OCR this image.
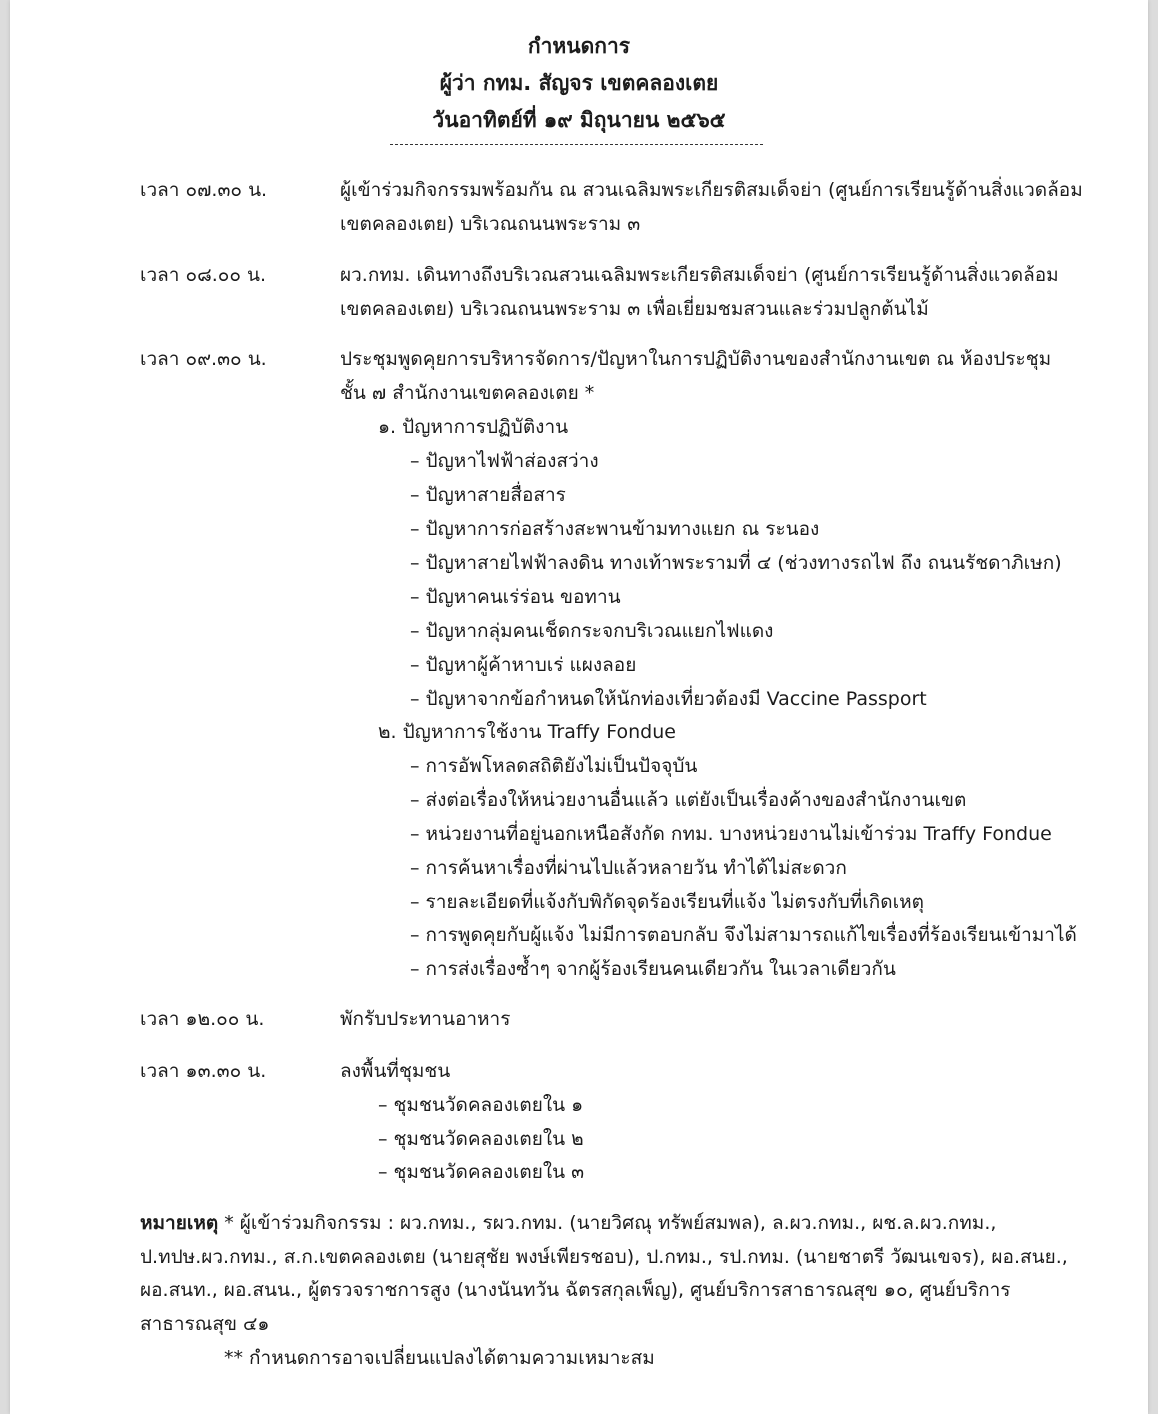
กำหนดการ
ผู้ว่า กทม. สัญจร เขตคลองเตย
วันอาทิตย์ที่ ๑๙ มิถุนายน ๒๕๖๕
เวลา ๐๗.๓๐ น.	ผู้เข้าร่วมกิจกรรมพร้อมกัน ณ สวนเฉลิมพระเกียรติสมเด็จย่า (ศูนย์การเรียนรู้ด้านสิ่งแวดล้อม
เขตคลองเตย) บริเวณถนนพระราม ๓
เวลา ๐๘.๐๐ น.	ผว.กทม. เดินทางถึงบริเวณสวนเฉลิมพระเกียรติสมเด็จย่า (ศูนย์การเรียนรู้ด้านสิ่งแวดล้อม
เขตคลองเตย) บริเวณถนนพระราม ๓ เพื่อเยี่ยมชมสวนและร่วมปลูกต้นไม้
เวลา ๐๙.๓๐ น.	ประชุมพูดคุยการบริหารจัดการ/ปัญหาในการปฏิบัติงานของสำนักงานเขต ณ ห้องประชุม
ชั้น ๗ สำนักงานเขตคลองเตย *
๑. ปัญหาการปฏิบัติงาน
– ปัญหาไฟฟ้าส่องสว่าง
– ปัญหาสายสื่อสาร
– ปัญหาการก่อสร้างสะพานข้ามทางแยก ณ ระนอง
– ปัญหาสายไฟฟ้าลงดิน ทางเท้าพระรามที่ ๔ (ช่วงทางรถไฟ ถึง ถนนรัชดาภิเษก)
– ปัญหาคนเร่ร่อน ขอทาน
– ปัญหากลุ่มคนเช็ดกระจกบริเวณแยกไฟแดง
– ปัญหาผู้ค้าหาบเร่ แผงลอย
– ปัญหาจากข้อกำหนดให้นักท่องเที่ยวต้องมี Vaccine Passport
๒. ปัญหาการใช้งาน Traffy Fondue
– การอัพโหลดสถิติยังไม่เป็นปัจจุบัน
– ส่งต่อเรื่องให้หน่วยงานอื่นแล้ว แต่ยังเป็นเรื่องค้างของสำนักงานเขต
– หน่วยงานที่อยู่นอกเหนือสังกัด กทม. บางหน่วยงานไม่เข้าร่วม Traffy Fondue
– การค้นหาเรื่องที่ผ่านไปแล้วหลายวัน ทำได้ไม่สะดวก
– รายละเอียดที่แจ้งกับพิกัดจุดร้องเรียนที่แจ้ง ไม่ตรงกับที่เกิดเหตุ
– การพูดคุยกับผู้แจ้ง ไม่มีการตอบกลับ จึงไม่สามารถแก้ไขเรื่องที่ร้องเรียนเข้ามาได้
– การส่งเรื่องซ้ำๆ จากผู้ร้องเรียนคนเดียวกัน ในเวลาเดียวกัน
เวลา ๑๒.๐๐ น.	พักรับประทานอาหาร
เวลา ๑๓.๓๐ น.	ลงพื้นที่ชุมชน
– ชุมชนวัดคลองเตยใน ๑
– ชุมชนวัดคลองเตยใน ๒
– ชุมชนวัดคลองเตยใน ๓
หมายเหตุ * ผู้เข้าร่วมกิจกรรม : ผว.กทม., รผว.กทม. (นายวิศณุ ทรัพย์สมพล), ล.ผว.กทม., ผช.ล.ผว.กทม.,
ป.ทปษ.ผว.กทม., ส.ก.เขตคลองเตย (นายสุชัย พงษ์เพียรชอบ), ป.กทม., รป.กทม. (นายชาตรี วัฒนเขจร), ผอ.สนย.,
ผอ.สนท., ผอ.สนน., ผู้ตรวจราชการสูง (นางนันทวัน ฉัตรสกุลเพ็ญ), ศูนย์บริการสาธารณสุข ๑๐, ศูนย์บริการ
สาธารณสุข ๔๑
** กำหนดการอาจเปลี่ยนแปลงได้ตามความเหมาะสม
